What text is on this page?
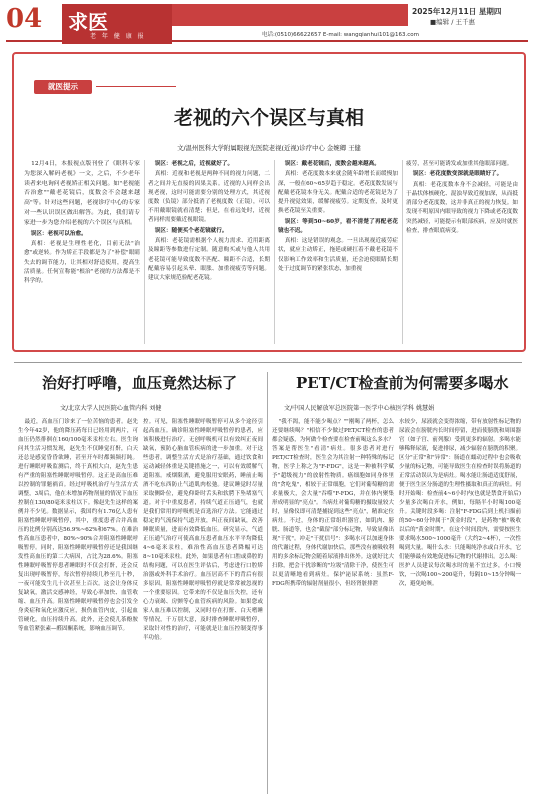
04 求医
老 年 健 康 报
2025年12月11日 星期四
■编辑 / 王千惠
电话:(0510)66622657 E-mail: wangqianhui101@163.com
就医提示
老视的六个误区与真相
文/温州医科大学附属眼视光医院老视(近视)诊疗中心 金婉卿 王健

12月4日，本报视点版刊登了《眼科专家为您深入解码老视》一文，之后，不少老年读者来电询问老视矫正相关问题。如"老视能否治愈""戴老花镜后，度数会不会越来越高"等。针对这些问题，老视诊疗中心的专家对一些认识误区做出解答。为此，我们请专家进一步为您介绍老视的六个误区与真相。

误区：老视可以治愈。

真相：老视是生理性老化，目前无法"治愈"或逆转。作为矫正手段都是为了"补偿"眼睛失去的调节能力，让其相对舒适使用，提高生活质量。任何宣称能"根治"老视的方法都是不科学的。

误区：老视之后，近视就好了。

真相：近视和老视是两种不同的视力问题，二者之间并无直接的因果关系。近视的人同样会出现老视，这时可能需要分别的处理方式，其近视度数（负镜）部分抵消了老视度数（正镜），可以不用戴眼镜就看清楚；但是，在看远处时，近视者同样需要戴近视眼镜。

误区：随便买个老花镜就行。

真相：老花镜需根据个人视力需求、近用距离及瞳距等参数进行定制。随意购买或与他人共用老花镜可能导致度数不匹配、瞳距不合适，长期配戴容易引起头晕、眼胀、加重视疲劳等问题。建议大家规范验配老花镜。

误区：戴老花镜后，度数会越来越高。

真相：老花度数本来就会随年龄增长而缓慢加深，一般在60~65岁趋于稳定。老花度数发展与配戴老花镜本身无关。配戴合适的老花镜是为了提升视觉效果，缓解视疲劳。定期复查，及时更换老花镜至关重要。

误区：等到50~60岁，看不清楚了再配老花镜也不迟。

真相：这是错误的观念。一旦出现视近疲劳症状，就应主动矫正，拖延或硬扛着不戴老花镜不仅影响工作效率和生活质量，还会迫使眼睛长期处于过度调节的紧张状态，加重视

疲劳，甚至可能诱发或加重其他眼部问题。

误区：老花度数变深就是眼睛好了。

真相：老花度数本身不会减轻，可能是由于晶状体核硬化、混浊导致近视加深，从而抵消部分老花度数，这并非真正的视力恢复。如发现不明原因内眼导致的视力下降或老花度数突然减轻，可能提示有眼部疾病，应及时就医检查，排查眼底病变。

治好打呼噜，血压竟然达标了
文/北京大学人民医院心血管内科 刘健

最近，高血压门诊来了一位苦恼的患者。赵先生今年42岁，他的降压药每日已经用到两片，可血压仍然徘徊在160/100毫米汞柱左右。医生询问其生活习惯发现，赵先生不仅睡觉打鼾，白天还总是感觉昏昏欲睡，甚至开车时都频频打盹。进行睡眠呼吸监测后，终于真相大白，赵先生患有严重的阻塞性睡眠呼吸暂停。这正是高血压难以控制的罪魁祸首。经过呼吸机治疗与生活方式调整，3周后，他在未增加药物剂量的情况下血压控制在130/80毫米汞柱以下。像赵先生这样的案例并不少见。数据显示，我国约有1.76亿人患有阻塞性睡眠呼吸暂停，其中，重度患者合并高血压的比例分别高达56.9%~62%和67%。在难治性高血压患者中，80%~90%合并阻塞性睡眠呼吸暂停。同时，阻塞性睡眠呼吸暂停还是我国继发性高血压的第二大病因，占比为28.6%。阻塞性睡眠呼吸暂停患者睡眠时不仅会打鼾，还会反复出现呼吸暂停，每次暂停持续几秒至几十秒，一夜可能发生几十次甚至上百次。这会让身体反复缺氧，激活交感神经，导致心率加快、血管收缩、血压升高。阻塞性睡眠呼吸暂停也会引发全身炎症和氧化应激反应，损伤血管内皮，引起血管硬化，血压持续升高。此外，还会使儿茶酚胺等血管紧张素—醛固酮系统，影响血压调节。

控。可见，阻塞性睡眠呼吸暂停可从多个途径引起高血压。确诊阻塞性睡眠呼吸暂停的患者，应该积极进行治疗。无创呼吸机可以有效纠正夜间缺氧，预防心脑血管疾病的进一步加重。对于这些患者，调整生活方式是治疗基础，通过饮食和运动减轻体重是关键措施之一，可以有效缓解气道阻塞。戒烟限酒，避免服用安眠药，睡前止喝酒不吃东西防止气道肌肉松弛。建议睡觉时尽量采取侧卧位，避免仰卧时舌头和软腭下坠堵塞气道。对于中重度患者，持续气道正压通气，也就是我们常用的呼吸机是首选治疗方法。它能通过稳定的气流保持气道开放，纠正夜间缺氧，改善睡眠质量，进而有效降低血压。研究显示，气道正压通气治疗可使高血压患者血压水平平均降低4~6毫米汞柱，难治性高血压患者降幅可达8~10毫米汞柱。此外，如果患者有口腔或鼻腔的结构问题，可以在医生评估后，考虑进行口腔矫治器或外科手术治疗。血压居高不下的背后有很多原因，阻塞性睡眠呼吸暂停就是常常被忽视的一个重要原因。它带来的不仅是血压失控，还有心力衰竭、房颤等心血管疾病的风险。如果您或家人血压难以控制，又同时存在打鼾、白天嗜睡等情况，千万别大意，及时排查睡眠呼吸暂停，采取针对性的治疗，可能就是让血压控制变得事半功倍。

PET/CT检查前为何需要多喝水
文/中国人民解放军总医院第一医学中心核医学科 姚慧娟

"我不渴，能不能少喝点？""刚喝了两杯，怎么还要继续喝？"相信不少做过PET/CT检查的患者都会疑惑，为何做个检查要在检查前喝这么多水？答案是帮医生"看清"病灶。很多患者对进行PET/CT检查时，医生会为其注射一种特殊的标记物，医学上称之为"F-FDG"，这是一种被科学赋予"超级视力"的放射性物质。癌细胞如同身体里的"贪吃鬼"，相较于正常细胞，它们对葡萄糖的需求量极大，会大量"吞噬"F-FDG，并在体内聚集形成明显的"亮点"。当病灶对葡萄糖的摄取量较大时，显像仪即可清楚捕捉到这些"亮点"，精准定位病灶。不过，身体的正常组织器官，如肌肉、膀胱、肠道等，也会"截留"部分标记物，导致显像出现"干扰"。冲走"干扰信号"：多喝水可以加速身体的代谢过程，身体代谢加快后，那些没有被吸收利用的多余标记物会随着尿液排出体外。这就好比大扫除，把会干扰诊断的"垃圾"清除干净，使医生可以更清晰地看到病灶。保护泌尿系统：虽然F-FDG所携带的辐射剂量很小，但经肾脏排泄

水较少，尿液就会变得浓缩，带有放射性标记物的尿液会在膀胱内长时间停留，进而使膀胱和周围器官（如子宫、前列腺）受到更多的辐射。多喝水能够稀释尿液，促进排尿，减少辐射在膀胱的积聚。区分"正常"和"异常"：肠道在蠕动过程中也会吸收少量的标记物，可能导致医生在检查时误将肠道的正常活动误认为是病灶。喝水能让肠道适度舒展，便于医生区分肠道的生理性摄取和真正的病灶。何时开始喝：检查前4~6小时内(也就是禁食开始后)少量多次喝白开水，例如，每隔半小时喝100毫升。关键时段多喝：注射"F-FDG后到上机扫描前的50~60分钟属于"黄金时段"，是药物"被"吸收以后的"黄金时期"。在这个时间段内，需要按医生要求喝水500~1000毫升（大约2~4杯），一次性喝到大量。喝什么水：只能喝纯净水或白开水，它们能够最有效地促进标记物的代谢排出。怎么喝：医护人员建议每次喝水时的量不宜过多，小口慢饮，一次喝100~200毫升，每隔10~15分钟喝一次，避免呛咳。
